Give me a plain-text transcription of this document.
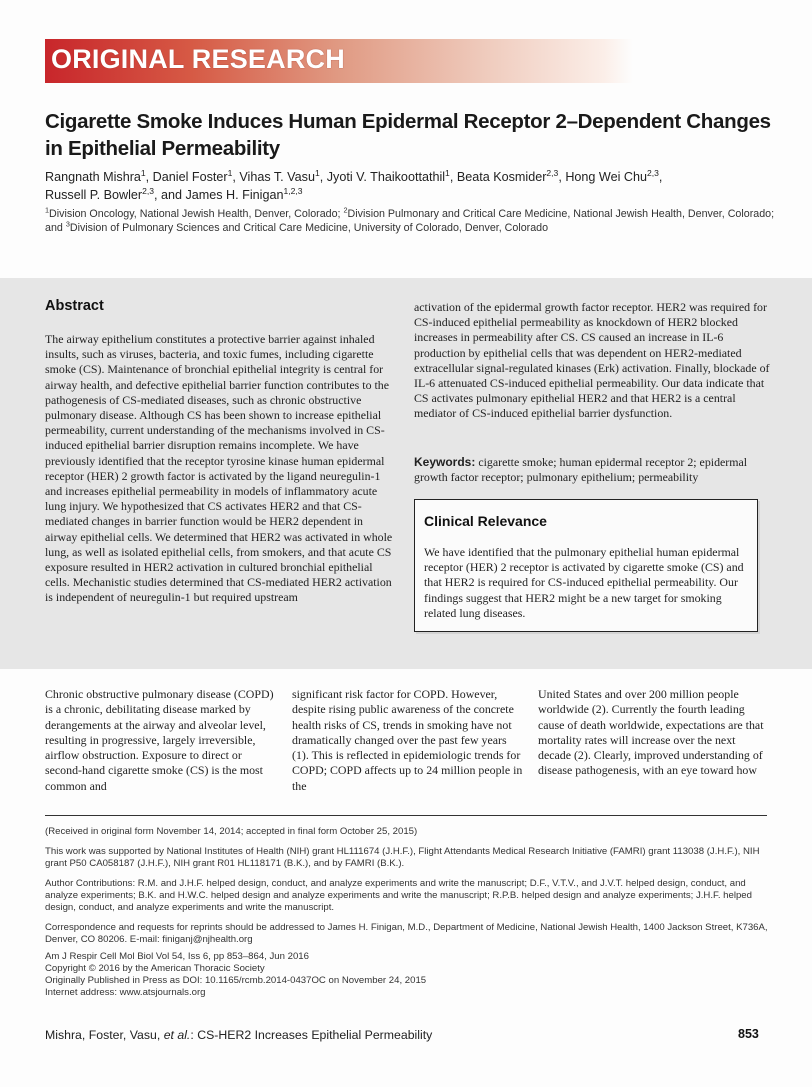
ORIGINAL RESEARCH
Cigarette Smoke Induces Human Epidermal Receptor 2–Dependent Changes in Epithelial Permeability
Rangnath Mishra$^1$, Daniel Foster$^1$, Vihas T. Vasu$^1$, Jyoti V. Thaikoottathil$^1$, Beata Kosmider$^{2,3}$, Hong Wei Chu$^{2,3}$,
Russell P. Bowler$^{2,3}$, and James H. Finigan$^{1,2,3}$
$^1$Division Oncology, National Jewish Health, Denver, Colorado; $^2$Division Pulmonary and Critical Care Medicine, National Jewish Health, Denver, Colorado; and $^3$Division of Pulmonary Sciences and Critical Care Medicine, University of Colorado, Denver, Colorado
Abstract
The airway epithelium constitutes a protective barrier against inhaled insults, such as viruses, bacteria, and toxic fumes, including cigarette smoke (CS). Maintenance of bronchial epithelial integrity is central for airway health, and defective epithelial barrier function contributes to the pathogenesis of CS-mediated diseases, such as chronic obstructive pulmonary disease. Although CS has been shown to increase epithelial permeability, current understanding of the mechanisms involved in CS-induced epithelial barrier disruption remains incomplete. We have previously identified that the receptor tyrosine kinase human epidermal receptor (HER) 2 growth factor is activated by the ligand neuregulin-1 and increases epithelial permeability in models of inflammatory acute lung injury. We hypothesized that CS activates HER2 and that CS-mediated changes in barrier function would be HER2 dependent in airway epithelial cells. We determined that HER2 was activated in whole lung, as well as isolated epithelial cells, from smokers, and that acute CS exposure resulted in HER2 activation in cultured bronchial epithelial cells. Mechanistic studies determined that CS-mediated HER2 activation is independent of neuregulin-1 but required upstream
activation of the epidermal growth factor receptor. HER2 was required for CS-induced epithelial permeability as knockdown of HER2 blocked increases in permeability after CS. CS caused an increase in IL-6 production by epithelial cells that was dependent on HER2-mediated extracellular signal-regulated kinases (Erk) activation. Finally, blockade of IL-6 attenuated CS-induced epithelial permeability. Our data indicate that CS activates pulmonary epithelial HER2 and that HER2 is a central mediator of CS-induced epithelial barrier dysfunction.
Keywords: cigarette smoke; human epidermal receptor 2; epidermal growth factor receptor; pulmonary epithelium; permeability
Clinical Relevance
We have identified that the pulmonary epithelial human epidermal receptor (HER) 2 receptor is activated by cigarette smoke (CS) and that HER2 is required for CS-induced epithelial permeability. Our findings suggest that HER2 might be a new target for smoking related lung diseases.
Chronic obstructive pulmonary disease (COPD) is a chronic, debilitating disease marked by derangements at the airway and alveolar level, resulting in progressive, largely irreversible, airflow obstruction. Exposure to direct or second-hand cigarette smoke (CS) is the most common and
significant risk factor for COPD. However, despite rising public awareness of the concrete health risks of CS, trends in smoking have not dramatically changed over the past few years (1). This is reflected in epidemiologic trends for COPD; COPD affects up to 24 million people in the
United States and over 200 million people worldwide (2). Currently the fourth leading cause of death worldwide, expectations are that mortality rates will increase over the next decade (2). Clearly, improved understanding of disease pathogenesis, with an eye toward how
(Received in original form November 14, 2014; accepted in final form October 25, 2015)
This work was supported by National Institutes of Health (NIH) grant HL111674 (J.H.F.), Flight Attendants Medical Research Initiative (FAMRI) grant 113038 (J.H.F.), NIH grant P50 CA058187 (J.H.F.), NIH grant R01 HL118171 (B.K.), and by FAMRI (B.K.).
Author Contributions: R.M. and J.H.F. helped design, conduct, and analyze experiments and write the manuscript; D.F., V.T.V., and J.V.T. helped design, conduct, and analyze experiments; B.K. and H.W.C. helped design and analyze experiments and write the manuscript; R.P.B. helped design and analyze experiments; J.H.F. helped design, conduct, and analyze experiments and write the manuscript.
Correspondence and requests for reprints should be addressed to James H. Finigan, M.D., Department of Medicine, National Jewish Health, 1400 Jackson Street, K736A, Denver, CO 80206. E-mail: finiganj@njhealth.org
Am J Respir Cell Mol Biol Vol 54, Iss 6, pp 853–864, Jun 2016
Copyright © 2016 by the American Thoracic Society
Originally Published in Press as DOI: 10.1165/rcmb.2014-0437OC on November 24, 2015
Internet address: www.atsjournals.org
Mishra, Foster, Vasu, et al.: CS-HER2 Increases Epithelial Permeability	853
